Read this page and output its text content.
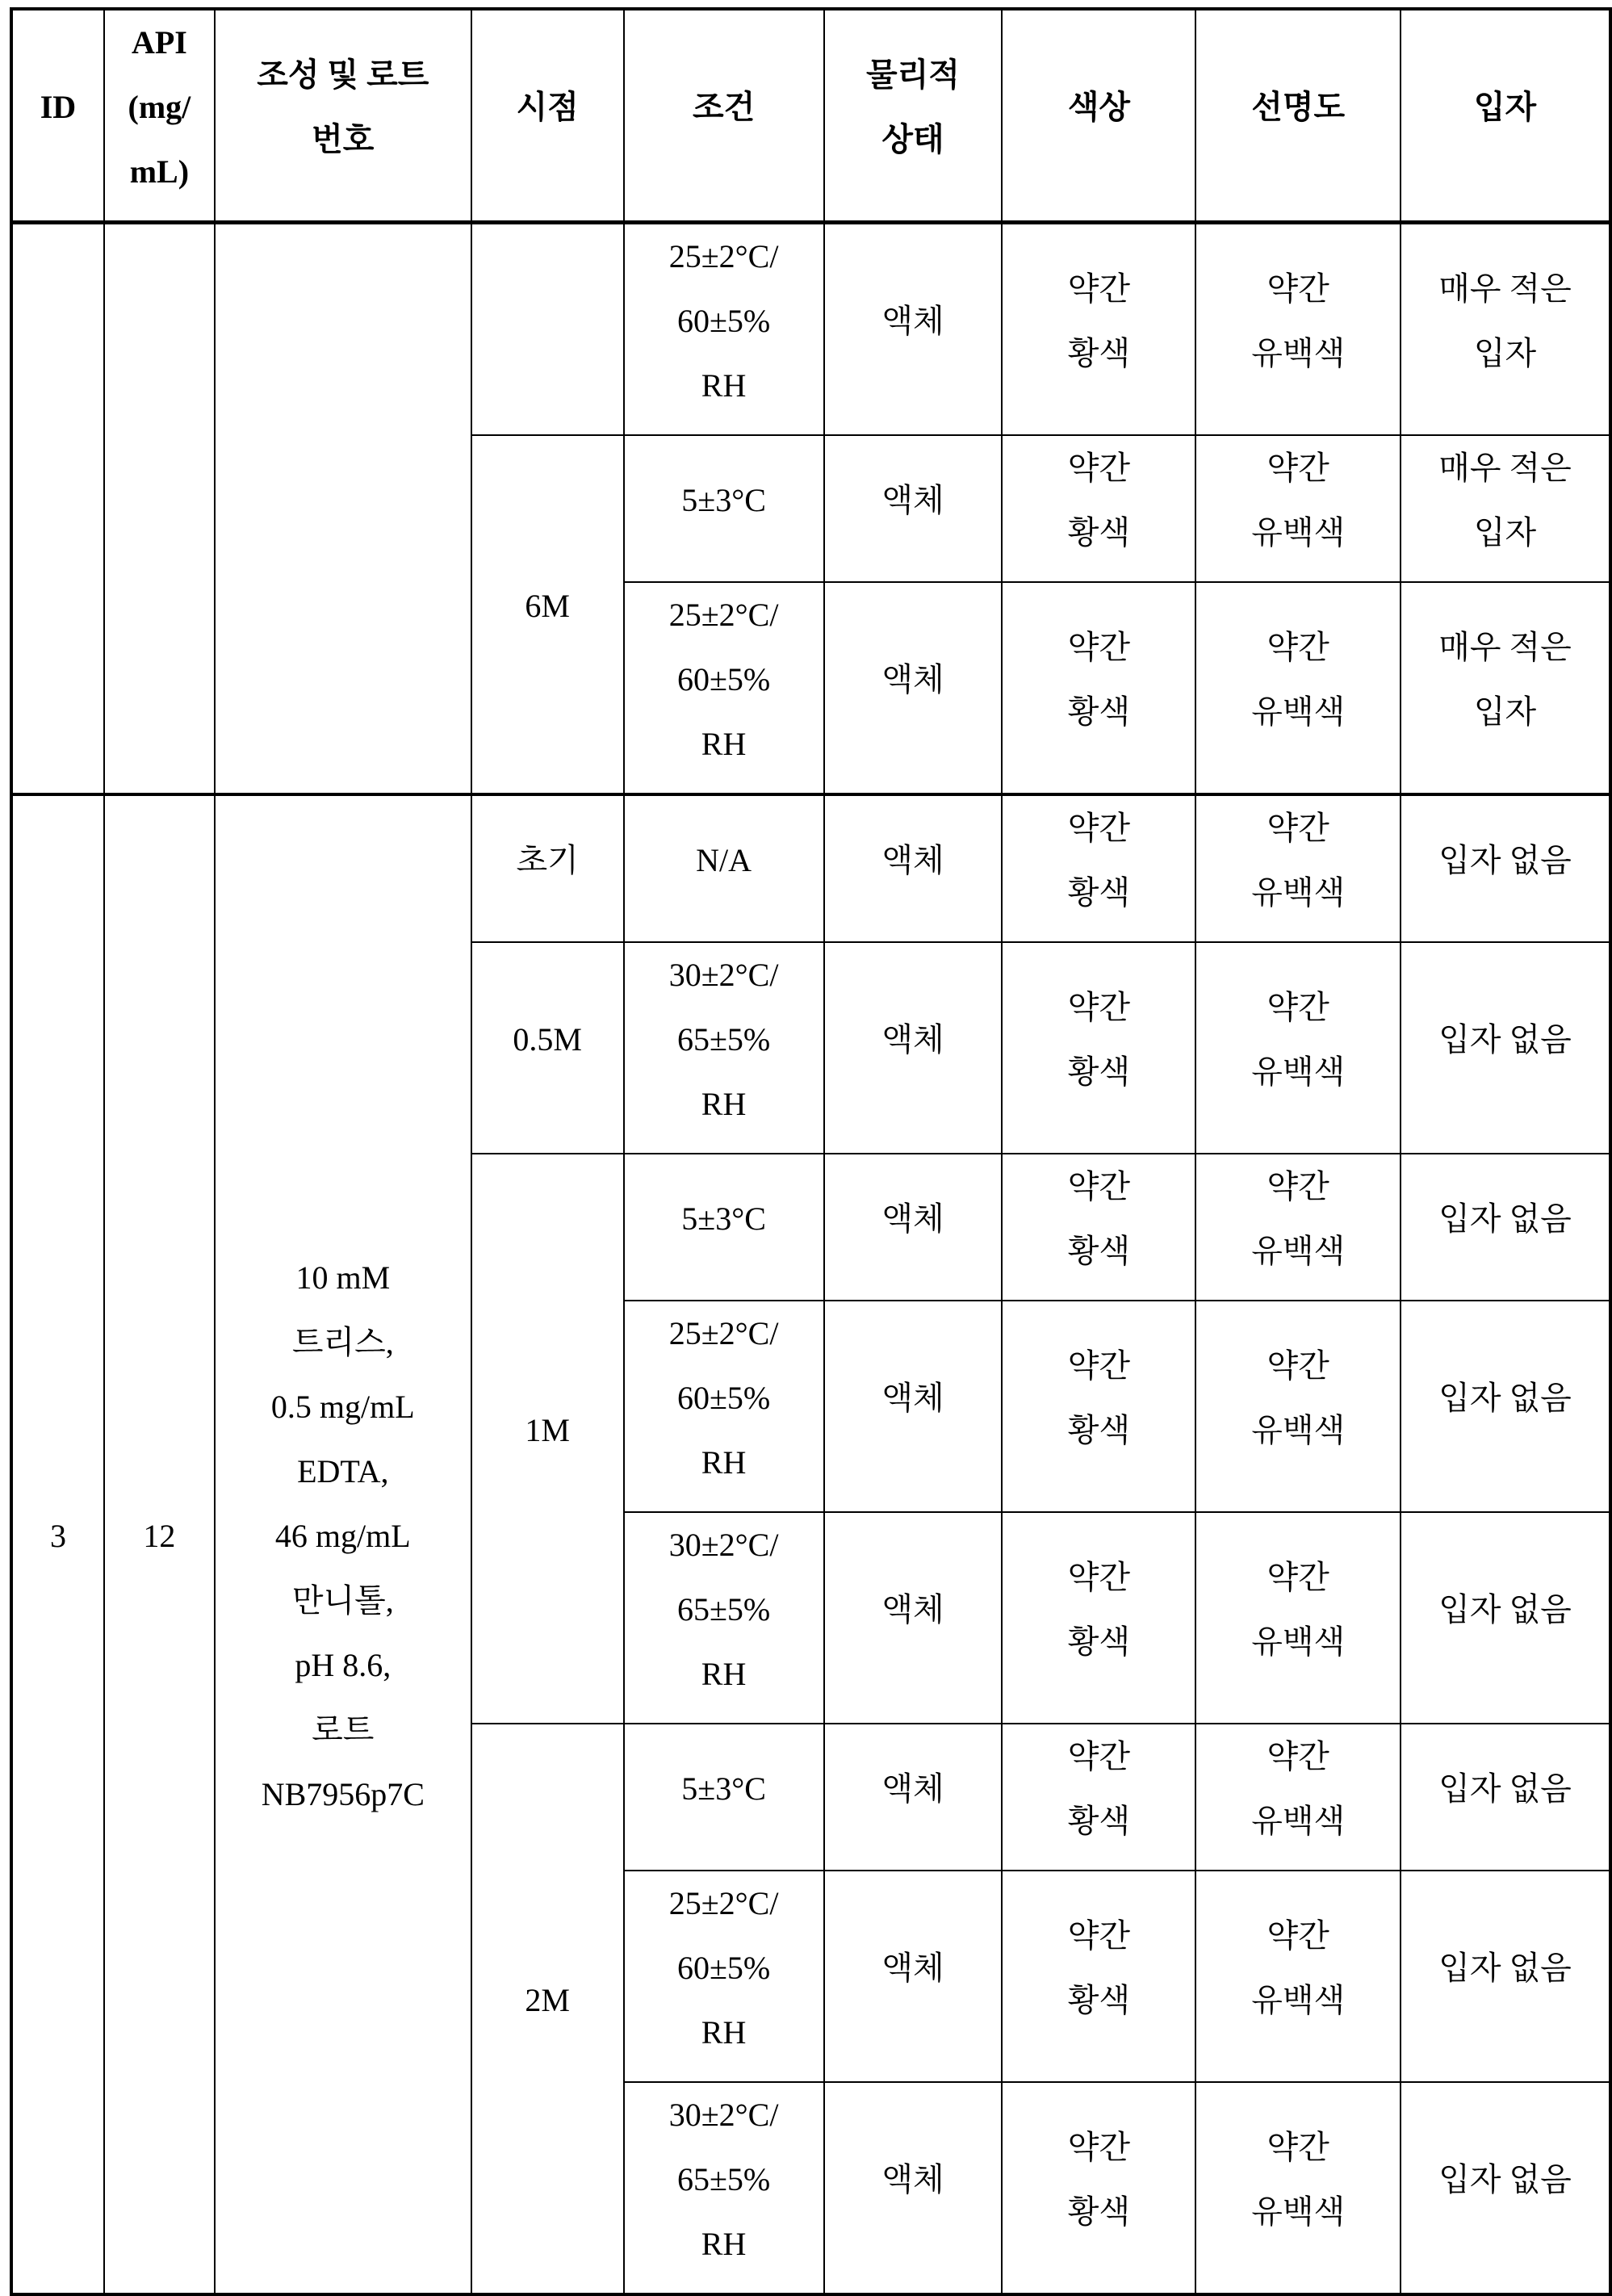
ID

API
(mg/
mL)

조성 및 로트
번호

시점	조건

물리적
상태

색상	선명도	입자

25±2°C/
60±5%
RH
	액체	
약간
황색

약간
유백색

매우 적은
입자

6M	
5±3°C	액체	
약간
황색

약간
유백색

매우 적은
입자

25±2°C/
60±5%
RH
	액체	
약간
황색

약간
유백색

매우 적은
입자

3	12	
10 mM
트리스,
0.5 mg/mL
EDTA,
46 mg/mL
만니톨,
pH 8.6,
로트
NB7956p7C
	초기	N/A	액체	
약간
황색

약간
유백색

입자 없음

0.5M	
30±2°C/
65±5%
RH
	액체	
약간
황색

약간
유백색

입자 없음

1M	
5±3°C	액체	
약간
황색

약간
유백색

입자 없음

25±2°C/
60±5%
RH
	액체	
약간
황색

약간
유백색

입자 없음

30±2°C/
65±5%
RH
	액체	
약간
황색

약간
유백색

입자 없음

2M	
5±3°C	액체	
약간
황색

약간
유백색

입자 없음

25±2°C/
60±5%
RH
	액체	
약간
황색

약간
유백색

입자 없음

30±2°C/
65±5%
RH
	액체	
약간
황색

약간
유백색

입자 없음
